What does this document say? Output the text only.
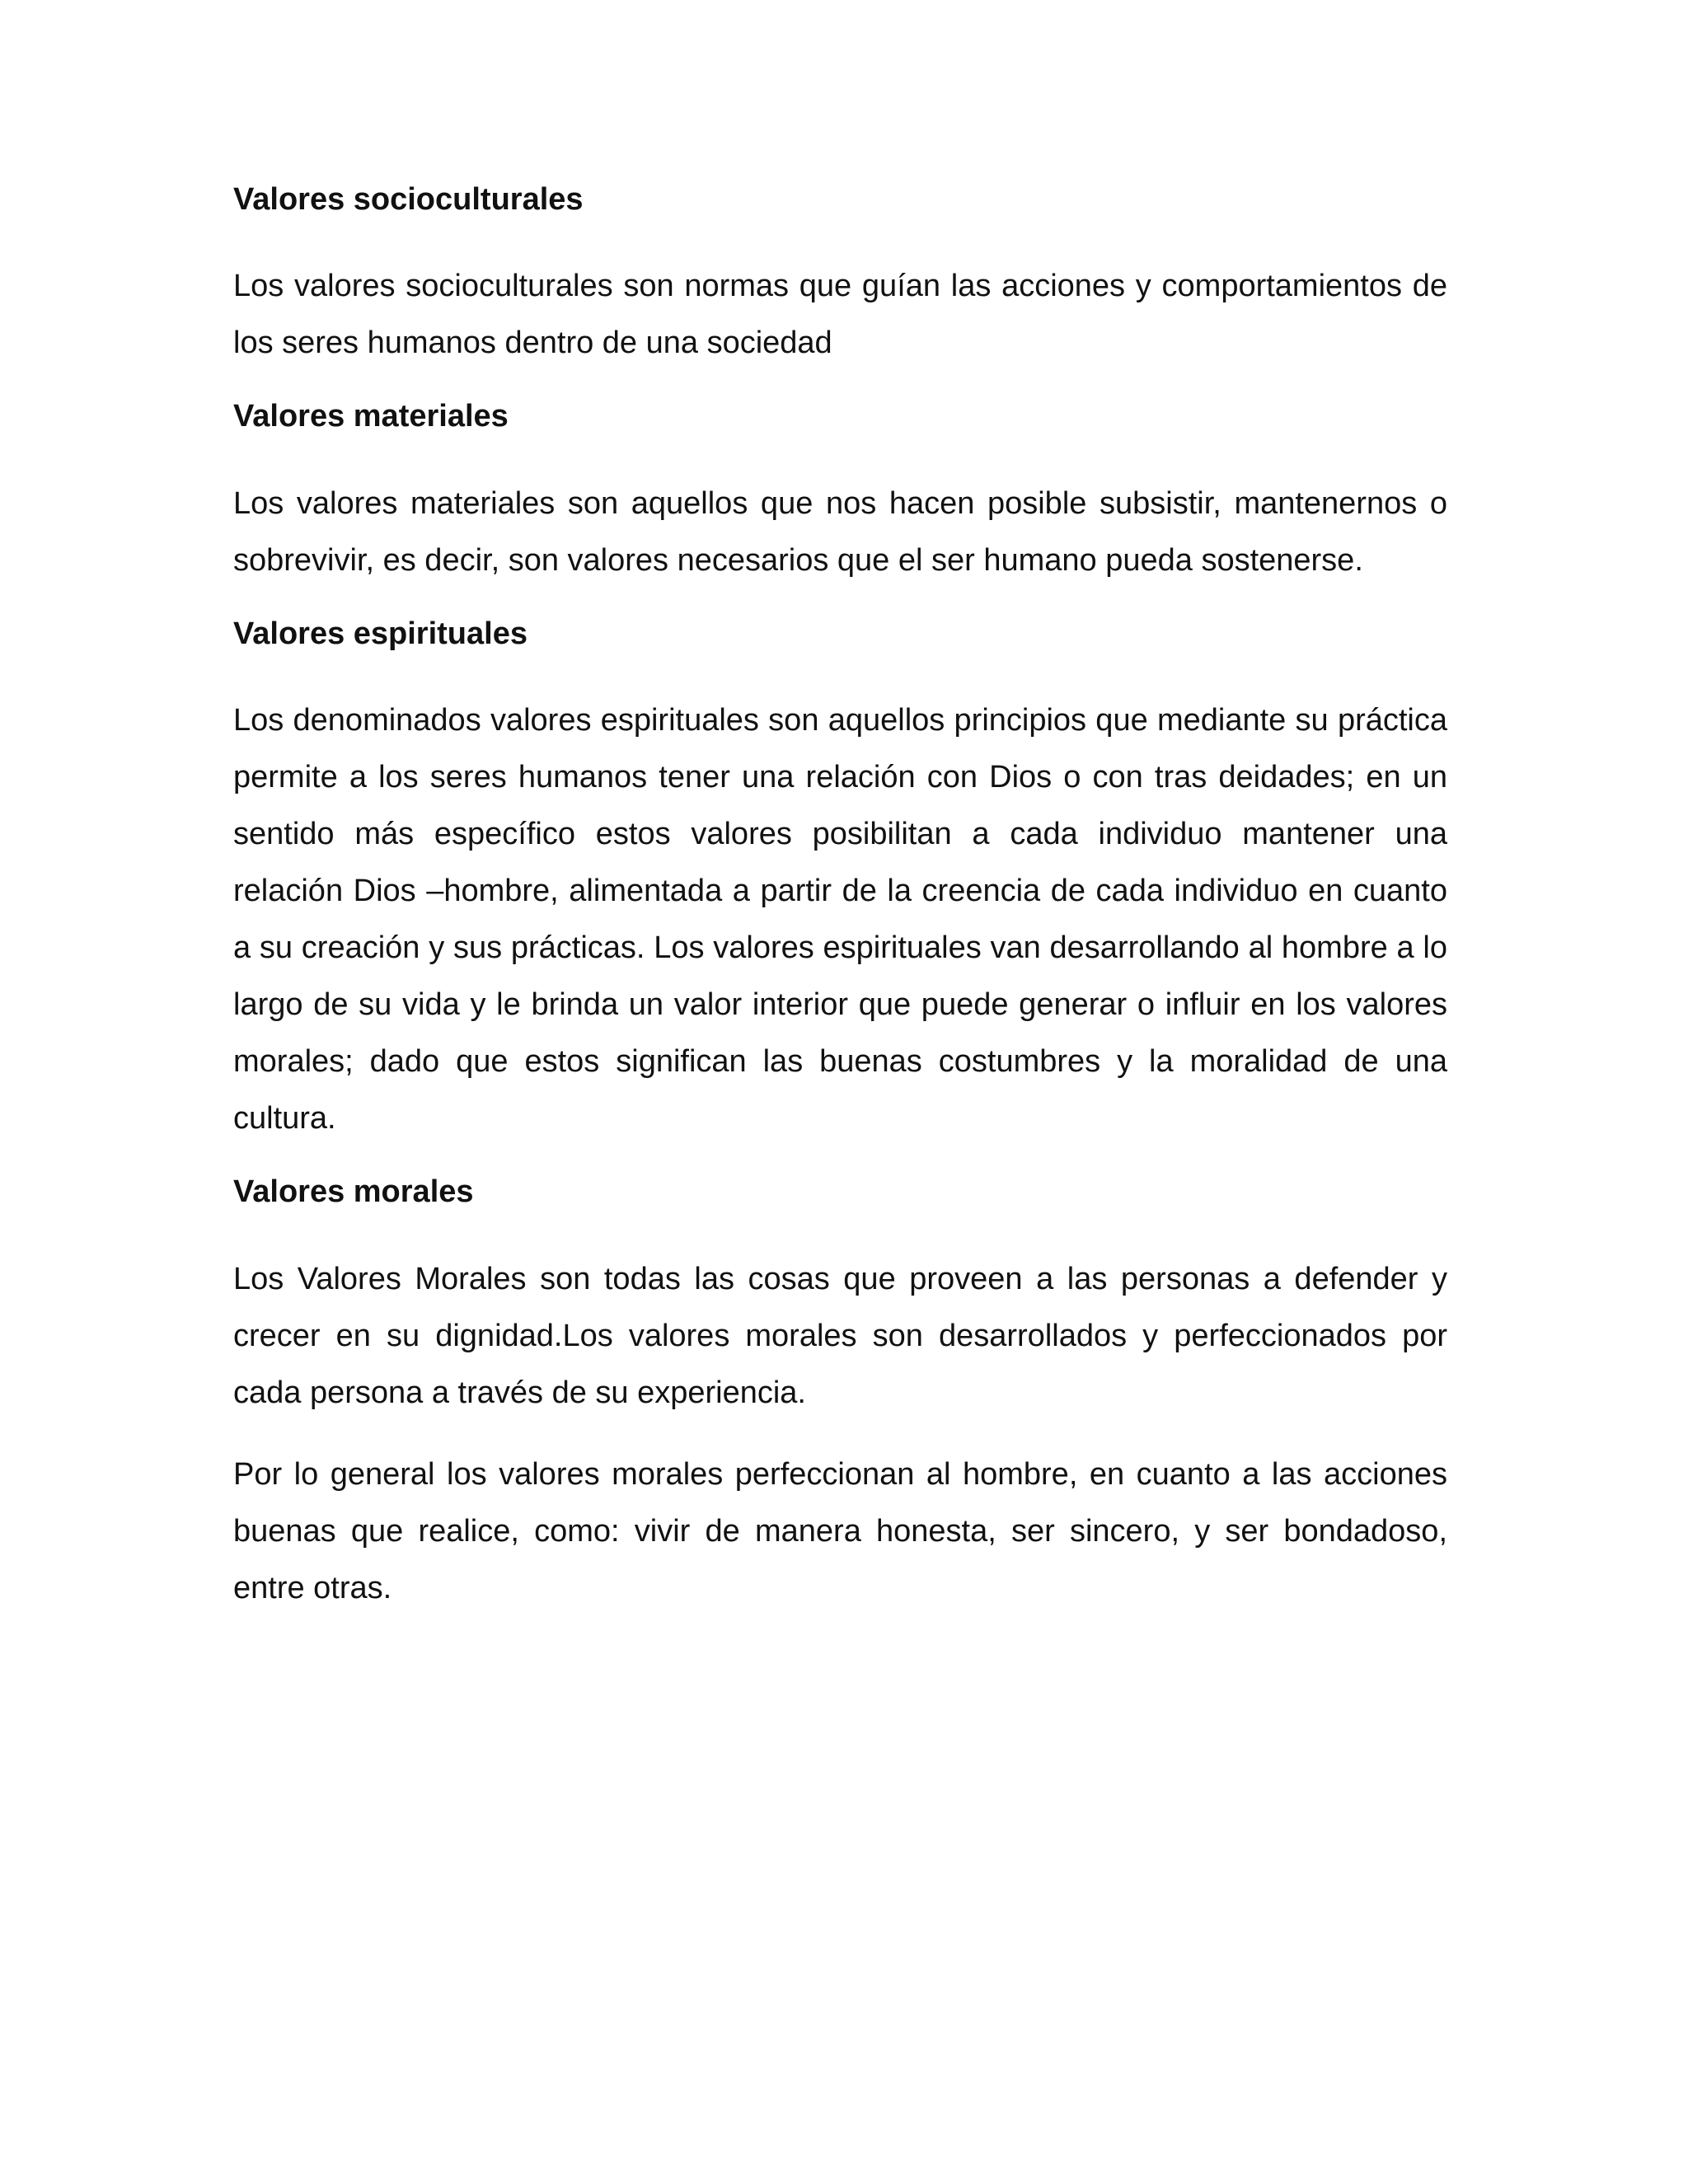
Valores socioculturales

Los valores socioculturales son normas que guían las acciones y comportamientos de los seres humanos dentro de una sociedad

Valores materiales

Los valores materiales son aquellos que nos hacen posible subsistir, mantenernos o sobrevivir, es decir, son valores necesarios que el ser humano pueda sostenerse.

Valores espirituales

Los denominados valores espirituales son aquellos principios que mediante su práctica permite a los seres humanos tener una relación con Dios o con tras deidades; en un sentido más específico estos valores posibilitan a cada individuo mantener una relación Dios –hombre, alimentada a partir de la creencia de cada individuo en cuanto a su creación y sus prácticas. Los valores espirituales van desarrollando al hombre a lo largo de su vida y le brinda un valor interior que puede generar o influir en los valores morales; dado que estos significan las buenas costumbres y la moralidad de una cultura.

Valores morales

Los Valores Morales son todas las cosas que proveen a las personas a defender y crecer en su dignidad.Los valores morales son desarrollados y perfeccionados por cada persona a través de su experiencia.

Por lo general los valores morales perfeccionan al hombre, en cuanto a las acciones buenas que realice, como: vivir de manera honesta, ser sincero, y ser bondadoso, entre otras.
